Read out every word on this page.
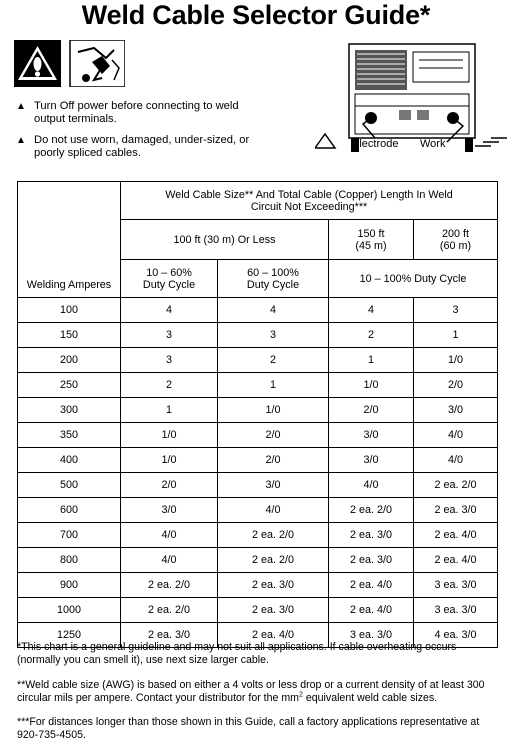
Weld Cable Selector Guide*
▲ Turn Off power before connecting to weld output terminals.
▲ Do not use worn, damaged, under-sized, or poorly spliced cables.
Electrode Work
Welding Amperes	Weld Cable Size** And Total Cable (Copper) Length In Weld Circuit Not Exceeding***			
	100 ft (30 m) Or Less		150 ft (45 m)	200 ft (60 m)
	10 – 60% Duty Cycle	60 – 100% Duty Cycle	10 – 100% Duty Cycle	
100	4	4	4	3
150	3	3	2	1
200	3	2	1	1/0
250	2	1	1/0	2/0
300	1	1/0	2/0	3/0
350	1/0	2/0	3/0	4/0
400	1/0	2/0	3/0	4/0
500	2/0	3/0	4/0	2 ea. 2/0
600	3/0	4/0	2 ea. 2/0	2 ea. 3/0
700	4/0	2 ea. 2/0	2 ea. 3/0	2 ea. 4/0
800	4/0	2 ea. 2/0	2 ea. 3/0	2 ea. 4/0
900	2 ea. 2/0	2 ea. 3/0	2 ea. 4/0	3 ea. 3/0
1000	2 ea. 2/0	2 ea. 3/0	2 ea. 4/0	3 ea. 3/0
1250	2 ea. 3/0	2 ea. 4/0	3 ea. 3/0	4 ea. 3/0
*This chart is a general guideline and may not suit all applications. If cable overheating occurs (normally you can smell it), use next size larger cable.
**Weld cable size (AWG) is based on either a 4 volts or less drop or a current density of at least 300 circular mils per ampere. Contact your distributor for the $mm^2$ equivalent weld cable sizes.
***For distances longer than those shown in this Guide, call a factory applications representative at 920-735-4505.
